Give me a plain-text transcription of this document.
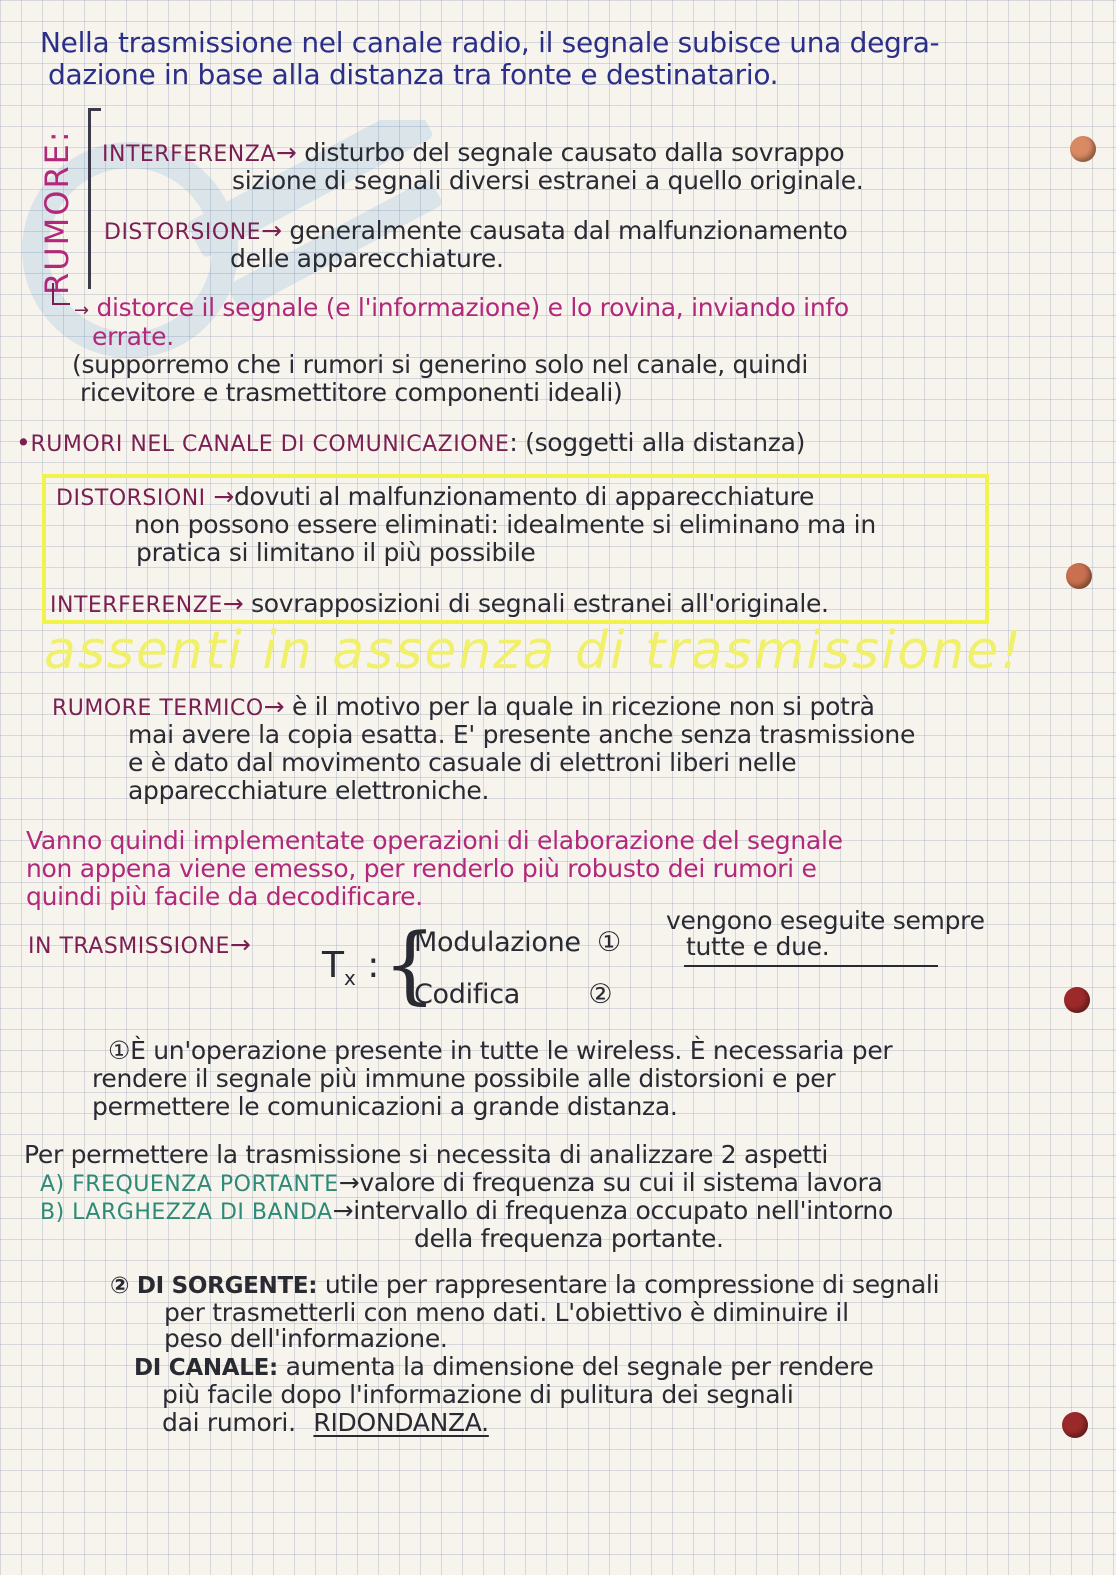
Nella trasmissione nel canale radio, il segnale subisce una degra-
dazione in base alla distanza tra fonte e destinatario.
RUMORE: INTERFERENZA→ disturbo del segnale causato dalla sovrappo
sizione di segnali diversi estranei a quello originale.
DISTORSIONE→ generalmente causata dal malfunzionamento
delle apparecchiature.
→ distorce il segnale (e l'informazione) e lo rovina, inviando info
errate.
(supporremo che i rumori si generino solo nel canale, quindi
ricevitore e trasmettitore componenti ideali)
•RUMORI NEL CANALE DI COMUNICAZIONE: (soggetti alla distanza)
DISTORSIONI →dovuti al malfunzionamento di apparecchiature
non possono essere eliminati: idealmente si eliminano ma in
pratica si limitano il più possibile
INTERFERENZE→ sovrapposizioni di segnali estranei all'originale.
assenti in assenza di trasmissione!
RUMORE TERMICO→ è il motivo per la quale in ricezione non si potrà
mai avere la copia esatta. E' presente anche senza trasmissione
e è dato dal movimento casuale di elettroni liberi nelle
apparecchiature elettroniche.
Vanno quindi implementate operazioni di elaborazione del segnale
non appena viene emesso, per renderlo più robusto dei rumori e
quindi più facile da decodificare.
IN TRASMISSIONE→
$T_x$ : {
Modulazione ①
Codifica	②
vengono eseguite sempre
tutte e due.
①È un'operazione presente in tutte le wireless. È necessaria per
rendere il segnale più immune possibile alle distorsioni e per
permettere le comunicazioni a grande distanza.
Per permettere la trasmissione si necessita di analizzare 2 aspetti
A) FREQUENZA PORTANTE→valore di frequenza su cui il sistema lavora
B) LARGHEZZA DI BANDA→intervallo di frequenza occupato nell'intorno
della frequenza portante.
② DI SORGENTE: utile per rappresentare la compressione di segnali
per trasmetterli con meno dati. L'obiettivo è diminuire il
peso dell'informazione.
DI CANALE: aumenta la dimensione del segnale per rendere
più facile dopo l'informazione di pulitura dei segnali
dai rumori. RIDONDANZA.
